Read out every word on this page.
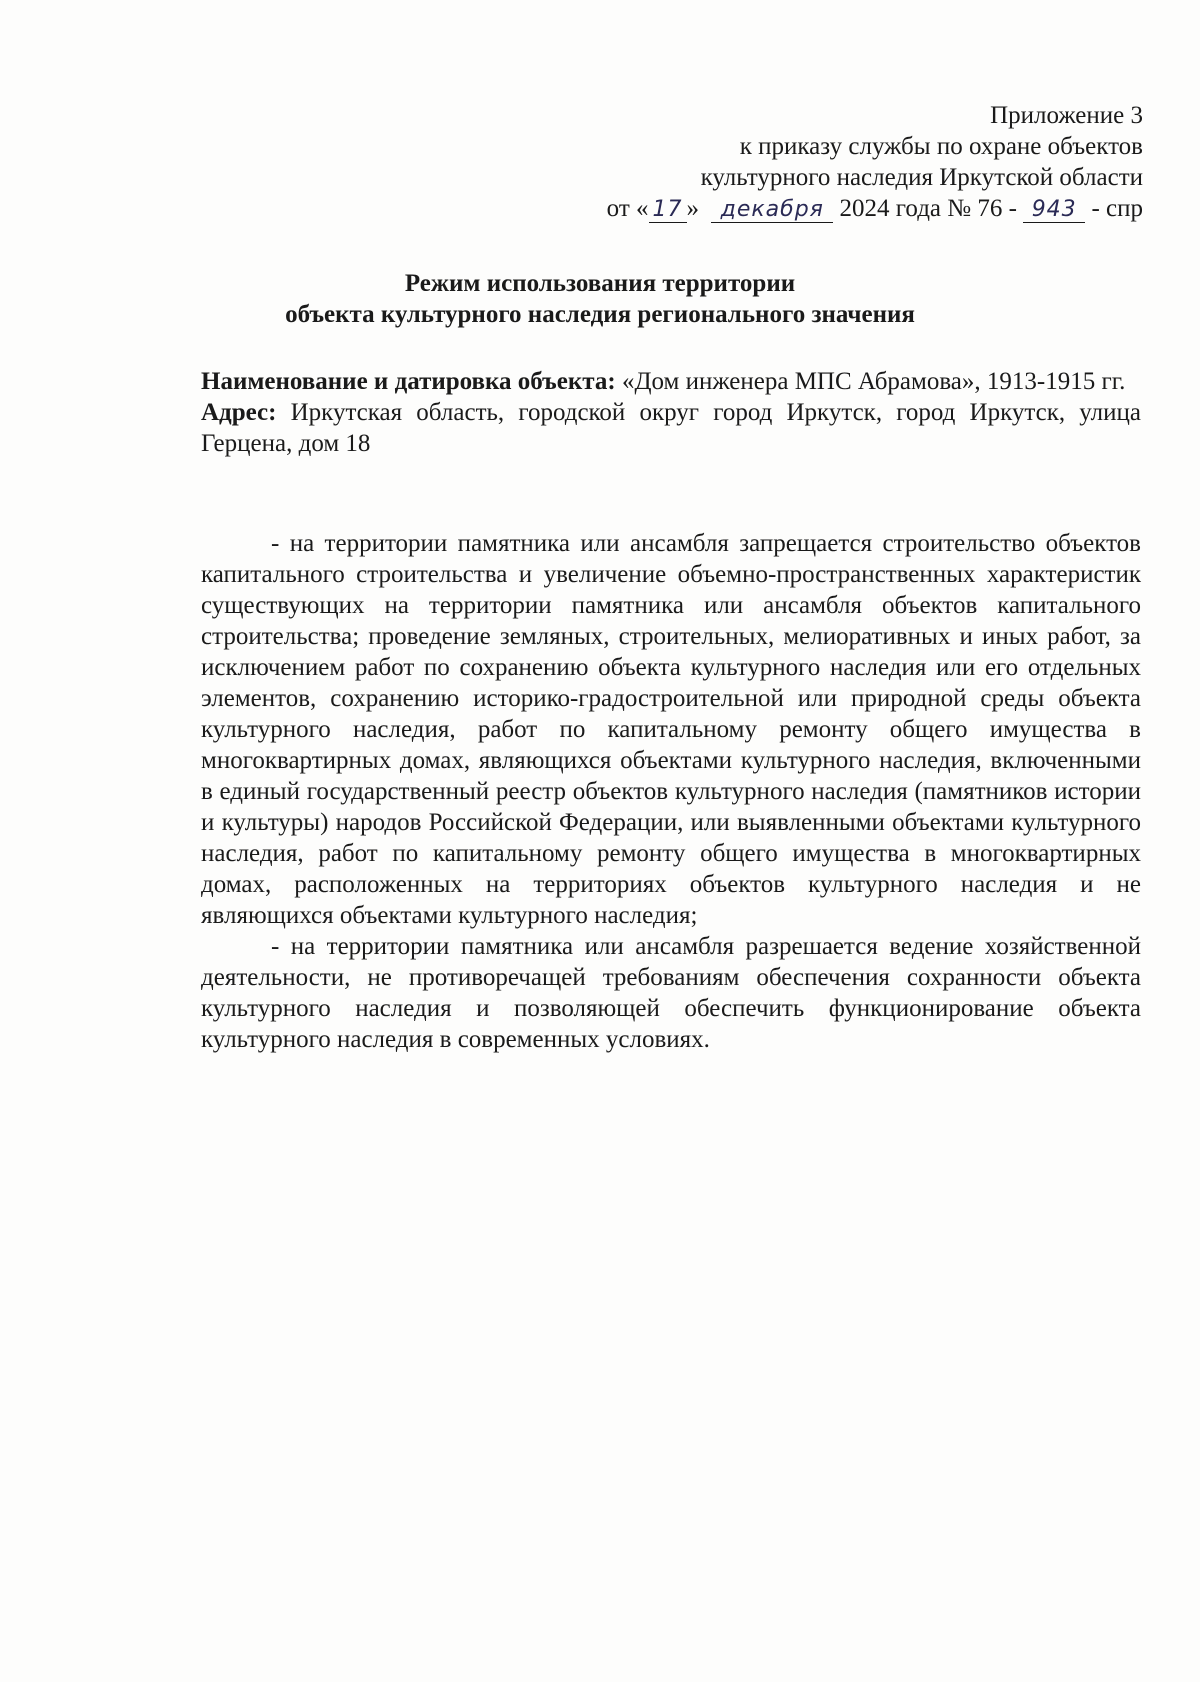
Приложение 3
к приказу службы по охране объектов
культурного наследия Иркутской области
от « 17 » декабря 2024 года № 76 - 943 - спр
Режим использования территории
объекта культурного наследия регионального значения

Наименование и датировка объекта: «Дом инженера МПС Абрамова», 1913-1915 гг.

Адрес: Иркутская область, городской округ город Иркутск, город Иркутск, улица Герцена, дом 18

- на территории памятника или ансамбля запрещается строительство объектов капитального строительства и увеличение объемно-пространственных характеристик существующих на территории памятника или ансамбля объектов капитального строительства; проведение земляных, строительных, мелиоративных и иных работ, за исключением работ по сохранению объекта культурного наследия или его отдельных элементов, сохранению историко-градостроительной или природной среды объекта культурного наследия, работ по капитальному ремонту общего имущества в многоквартирных домах, являющихся объектами культурного наследия, включенными в единый государственный реестр объектов культурного наследия (памятников истории и культуры) народов Российской Федерации, или выявленными объектами культурного наследия, работ по капитальному ремонту общего имущества в многоквартирных домах, расположенных на территориях объектов культурного наследия и не являющихся объектами культурного наследия;

- на территории памятника или ансамбля разрешается ведение хозяйственной деятельности, не противоречащей требованиям обеспечения сохранности объекта культурного наследия и позволяющей обеспечить функционирование объекта культурного наследия в современных условиях.
